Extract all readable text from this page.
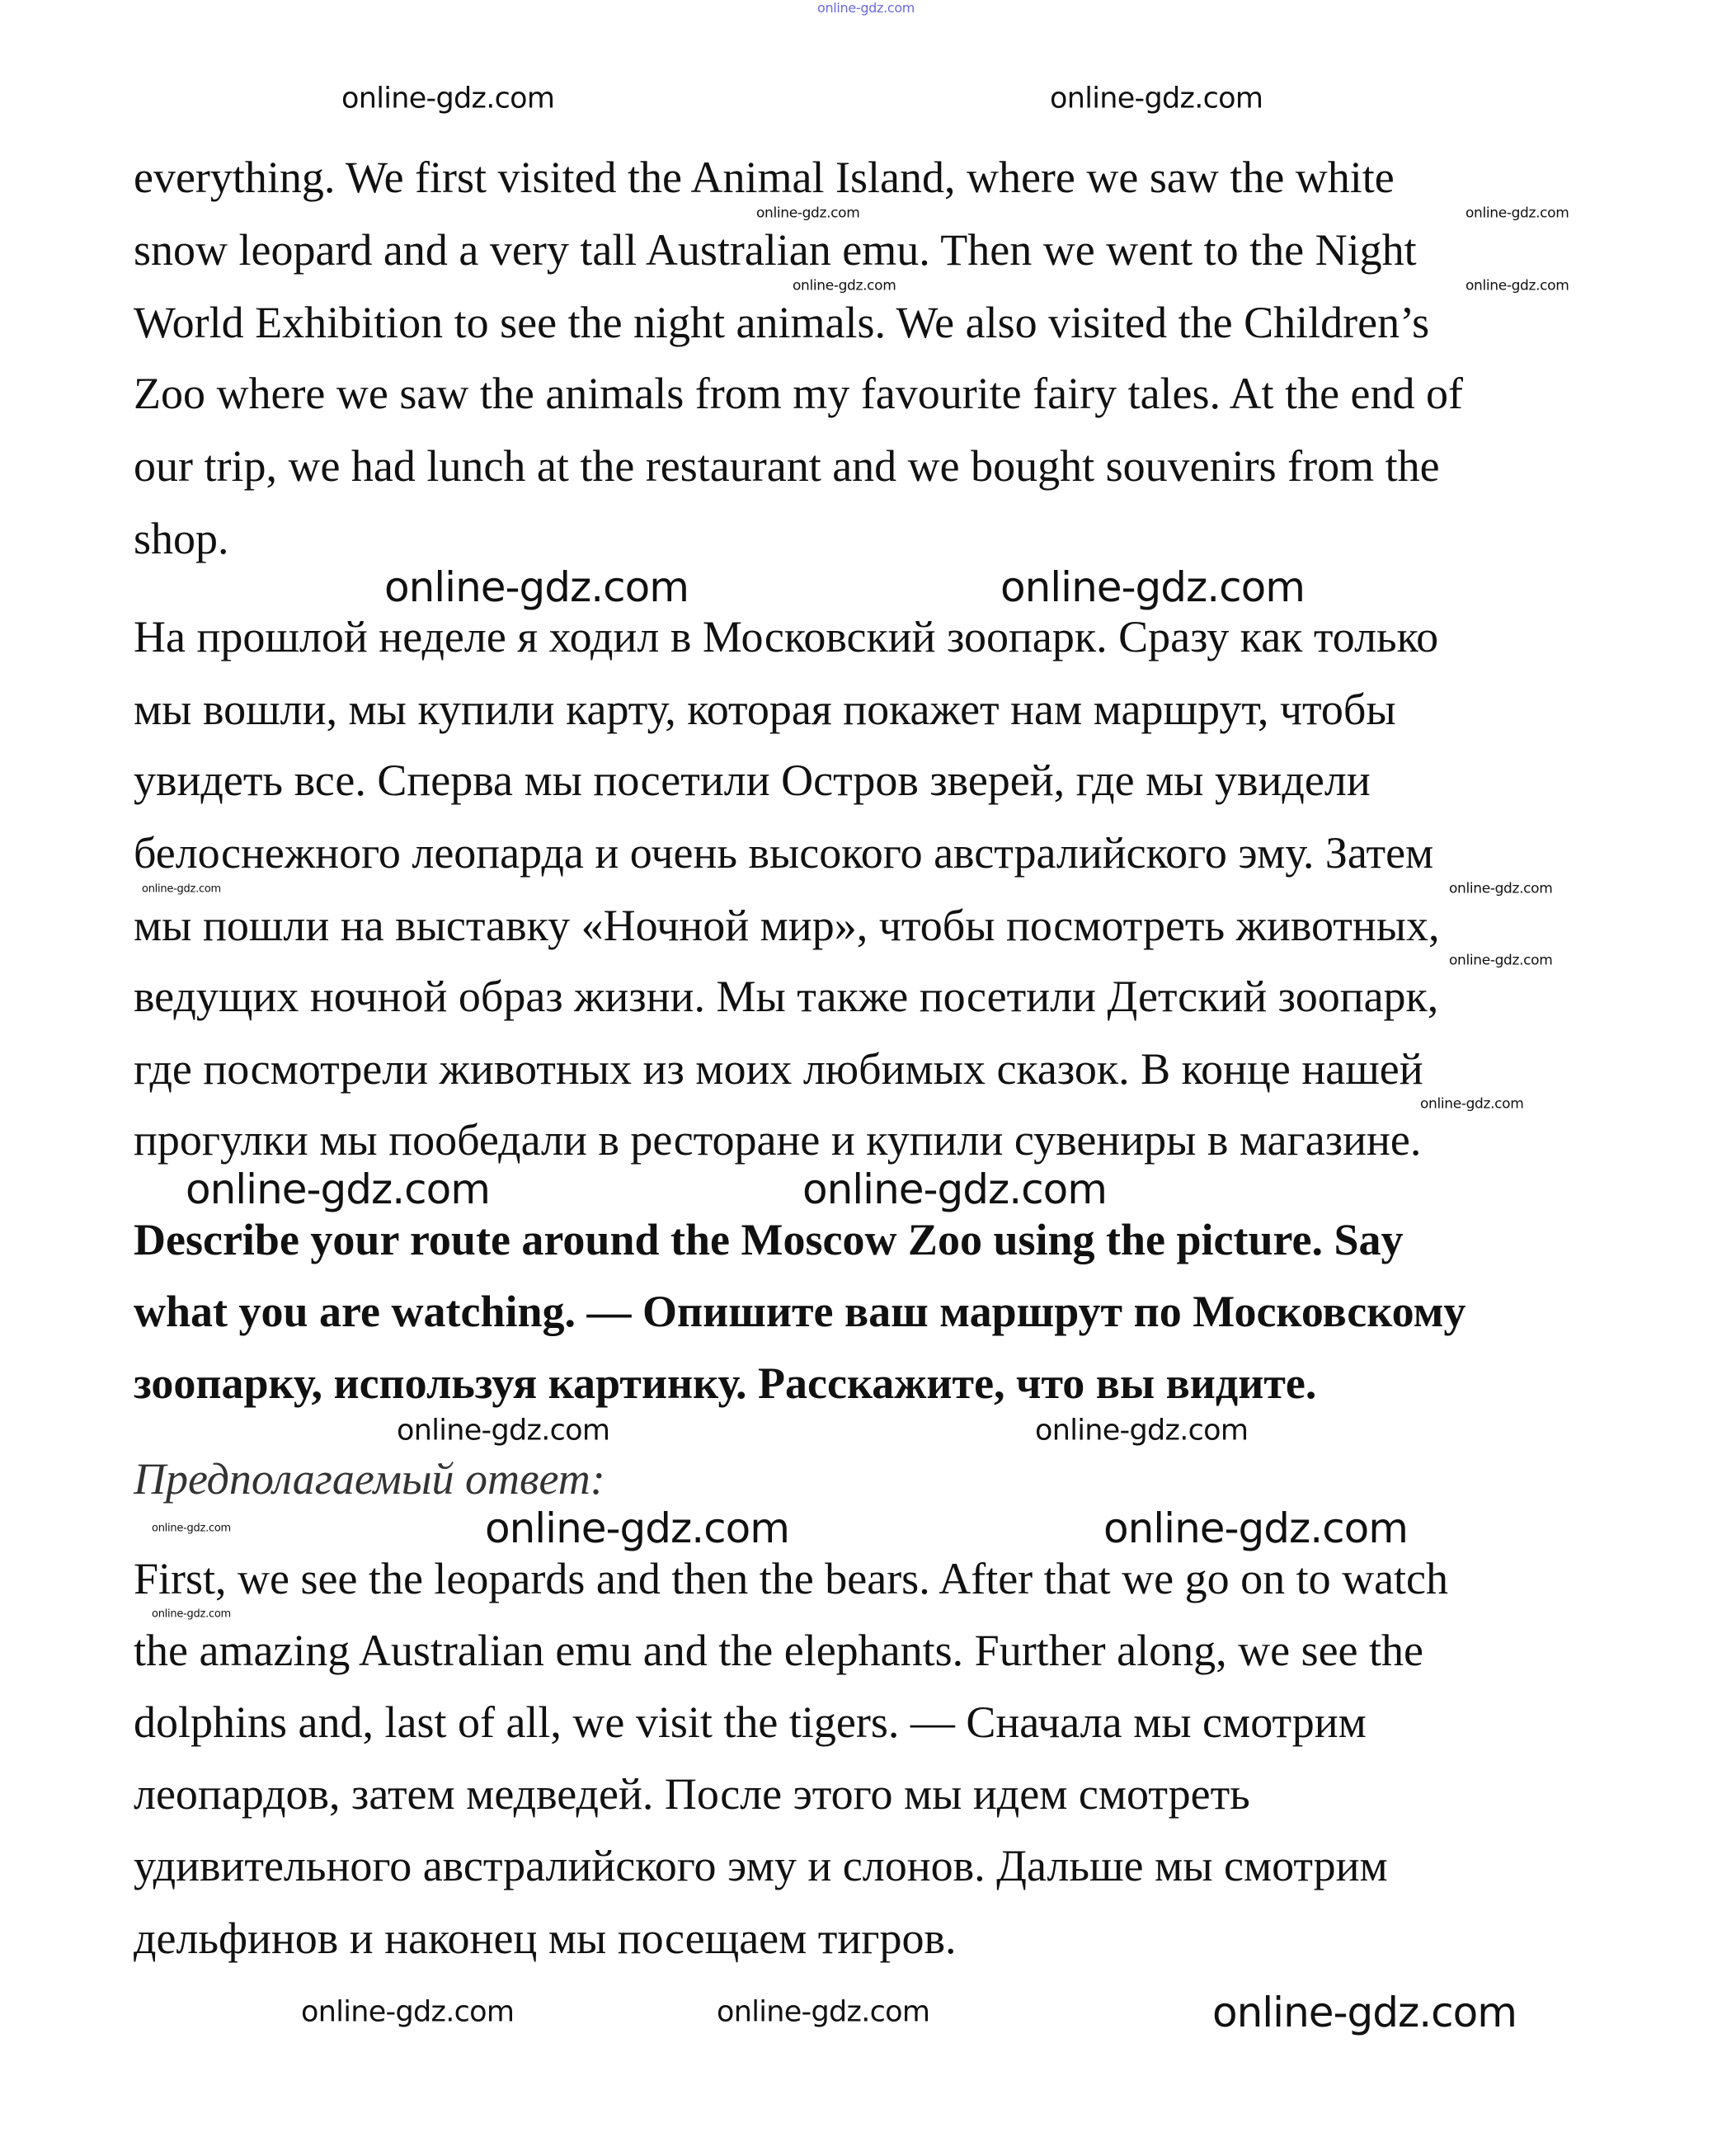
online-gdz.com
everything. We first visited the Animal Island, where we saw the white
snow leopard and a very tall Australian emu. Then we went to the Night
World Exhibition to see the night animals. We also visited the Children’s
Zoo where we saw the animals from my favourite fairy tales. At the end of
our trip, we had lunch at the restaurant and we bought souvenirs from the
shop.
На прошлой неделе я ходил в Московский зоопарк. Сразу как только
мы вошли, мы купили карту, которая покажет нам маршрут, чтобы
увидеть все. Сперва мы посетили Остров зверей, где мы увидели
белоснежного леопарда и очень высокого австралийского эму. Затем
мы пошли на выставку «Ночной мир», чтобы посмотреть животных,
ведущих ночной образ жизни. Мы также посетили Детский зоопарк,
где посмотрели животных из моих любимых сказок. В конце нашей
прогулки мы пообедали в ресторане и купили сувениры в магазине.
Describe your route around the Moscow Zoo using the picture. Say
what you are watching. — Опишите ваш маршрут по Московскому
зоопарку, используя картинку. Расскажите, что вы видите.
Предполагаемый ответ:
First, we see the leopards and then the bears. After that we go on to watch
the amazing Australian emu and the elephants. Further along, we see the
dolphins and, last of all, we visit the tigers. — Сначала мы смотрим
леопардов, затем медведей. После этого мы идем смотреть
удивительного австралийского эму и слонов. Дальше мы смотрим
дельфинов и наконец мы посещаем тигров.
online-gdz.com
online-gdz.com
online-gdz.com
online-gdz.com
online-gdz.com	online-gdz.com
online-gdz.com	online-gdz.com
online-gdz.com
online-gdz.com
online-gdz.com	online-gdz.com
online-gdz.com
online-gdz.com
online-gdz.com	online-gdz.com
online-gdz.com
online-gdz.com
online-gdz.com
online-gdz.com
online-gdz.com	online-gdz.com	online-gdz.com
